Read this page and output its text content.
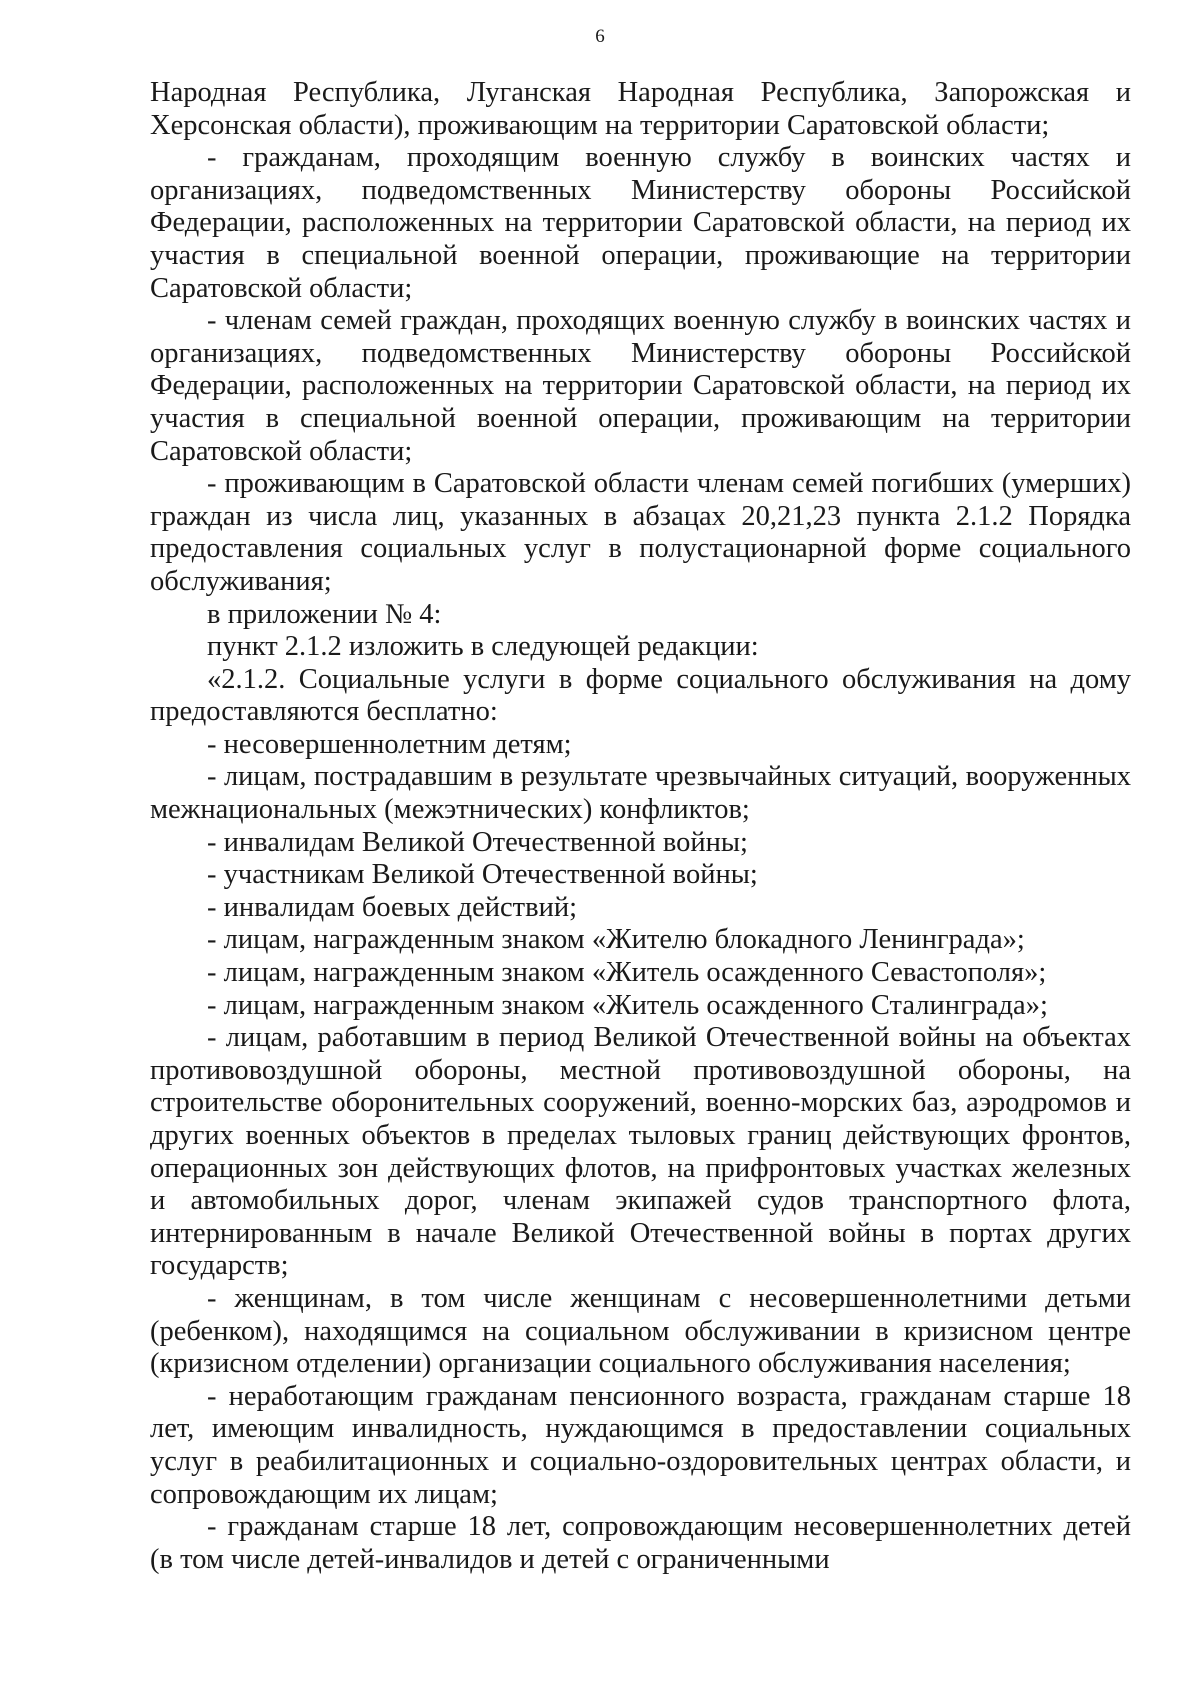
6

Народная Республика, Луганская Народная Республика, Запорожская и Херсонская области), проживающим на территории Саратовской области;

- гражданам, проходящим военную службу в воинских частях и организациях, подведомственных Министерству обороны Российской Федерации, расположенных на территории Саратовской области, на период их участия в специальной военной операции, проживающие на территории Саратовской области;

- членам семей граждан, проходящих военную службу в воинских частях и организациях, подведомственных Министерству обороны Российской Федерации, расположенных на территории Саратовской области, на период их участия в специальной военной операции, проживающим на территории Саратовской области;

- проживающим в Саратовской области членам семей погибших (умерших) граждан из числа лиц, указанных в абзацах 20,21,23 пункта 2.1.2 Порядка предоставления социальных услуг в полустационарной форме социального обслуживания;

в приложении № 4:

пункт 2.1.2 изложить в следующей редакции:

«2.1.2. Социальные услуги в форме социального обслуживания на дому предоставляются бесплатно:

- несовершеннолетним детям;

- лицам, пострадавшим в результате чрезвычайных ситуаций, вооруженных межнациональных (межэтнических) конфликтов;

- инвалидам Великой Отечественной войны;

- участникам Великой Отечественной войны;

- инвалидам боевых действий;

- лицам, награжденным знаком «Жителю блокадного Ленинграда»;

- лицам, награжденным знаком «Житель осажденного Севастополя»;

- лицам, награжденным знаком «Житель осажденного Сталинграда»;

- лицам, работавшим в период Великой Отечественной войны на объектах противовоздушной обороны, местной противовоздушной обороны, на строительстве оборонительных сооружений, военно-морских баз, аэродромов и других военных объектов в пределах тыловых границ действующих фронтов, операционных зон действующих флотов, на прифронтовых участках железных и автомобильных дорог, членам экипажей судов транспортного флота, интернированным в начале Великой Отечественной войны в портах других государств;

- женщинам, в том числе женщинам с несовершеннолетними детьми (ребенком), находящимся на социальном обслуживании в кризисном центре (кризисном отделении) организации социального обслуживания населения;

- неработающим гражданам пенсионного возраста, гражданам старше 18 лет, имеющим инвалидность, нуждающимся в предоставлении социальных услуг в реабилитационных и социально-оздоровительных центрах области, и сопровождающим их лицам;

- гражданам старше 18 лет, сопровождающим несовершеннолетних детей (в том числе детей-инвалидов и детей с ограниченными
